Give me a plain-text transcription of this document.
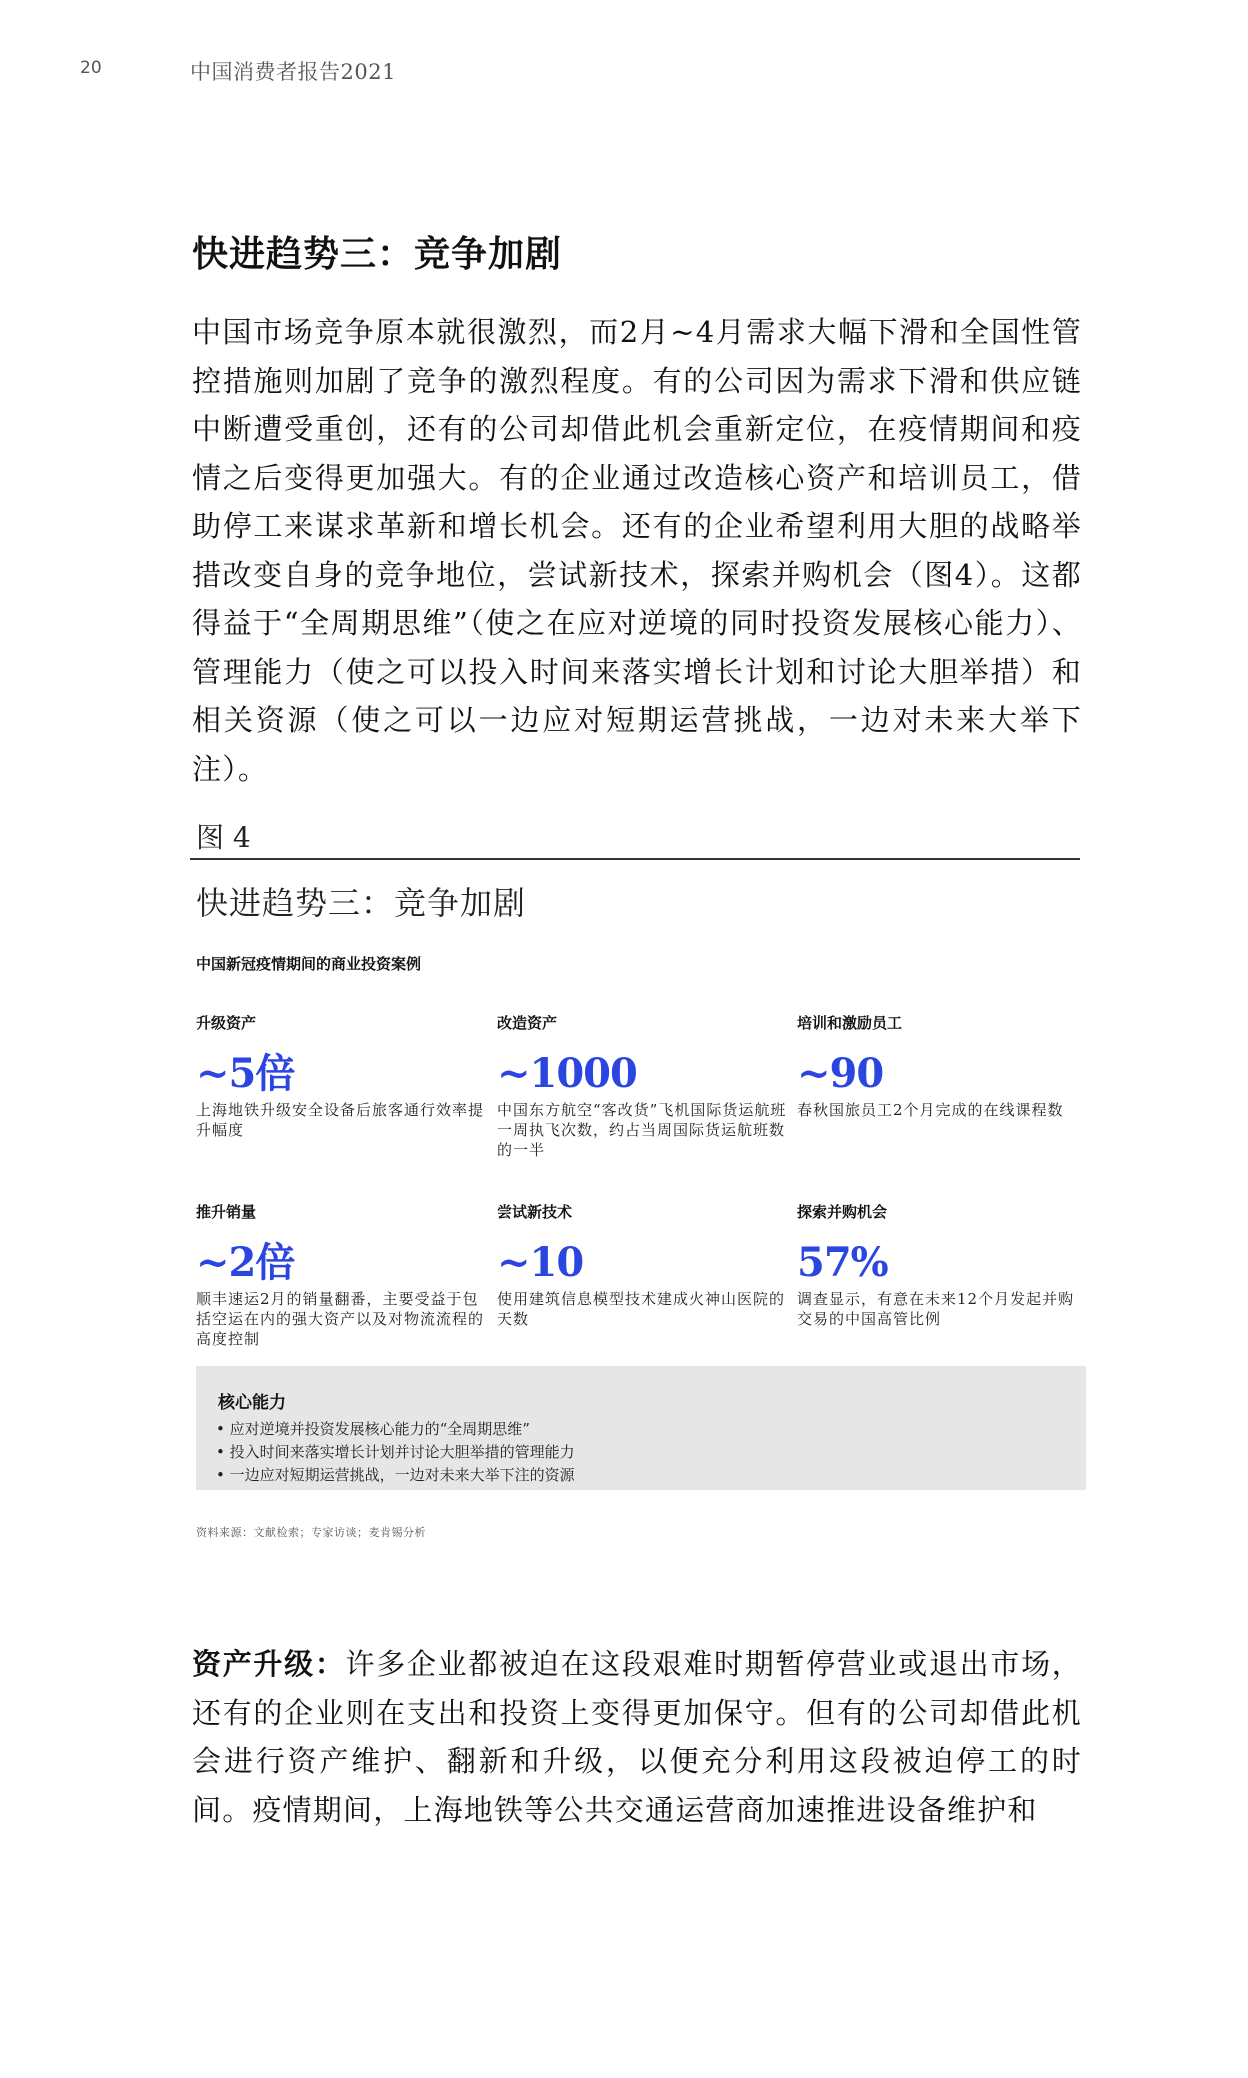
20	中国消费者报告2021
快进趋势三：竞争加剧

中国市场竞争原本就很激烈，而2月~4月需求大幅下滑和全国性管控措施则加剧了竞争的激烈程度。有的公司因为需求下滑和供应链中断遭受重创，还有的公司却借此机会重新定位，在疫情期间和疫情之后变得更加强大。有的企业通过改造核心资产和培训员工，借助停工来谋求革新和增长机会。还有的企业希望利用大胆的战略举措改变自身的竞争地位，尝试新技术，探索并购机会（图4）。这都得益于“全周期思维”（使之在应对逆境的同时投资发展核心能力）、管理能力（使之可以投入时间来落实增长计划和讨论大胆举措）和相关资源（使之可以一边应对短期运营挑战，一边对未来大举下注）。

图 4
快进趋势三：竞争加剧
中国新冠疫情期间的商业投资案例
升级资产
~5倍
上海地铁升级安全设备后旅客通行效率提升幅度
改造资产
~1000
中国东方航空“客改货”飞机国际货运航班一周执飞次数，约占当周国际货运航班数的一半
培训和激励员工
~90
春秋国旅员工2个月完成的在线课程数
推升销量
~2倍
顺丰速运2月的销量翻番，主要受益于包括空运在内的强大资产以及对物流流程的高度控制
尝试新技术
~10
使用建筑信息模型技术建成火神山医院的天数
探索并购机会
57%
调查显示，有意在未来12个月发起并购交易的中国高管比例
核心能力
• 应对逆境并投资发展核心能力的“全周期思维”
• 投入时间来落实增长计划并讨论大胆举措的管理能力
• 一边应对短期运营挑战，一边对未来大举下注的资源
资料来源：文献检索；专家访谈；麦肯锡分析

资产升级：许多企业都被迫在这段艰难时期暂停营业或退出市场，还有的企业则在支出和投资上变得更加保守。但有的公司却借此机会进行资产维护、翻新和升级，以便充分利用这段被迫停工的时间。疫情期间，上海地铁等公共交通运营商加速推进设备维护和
